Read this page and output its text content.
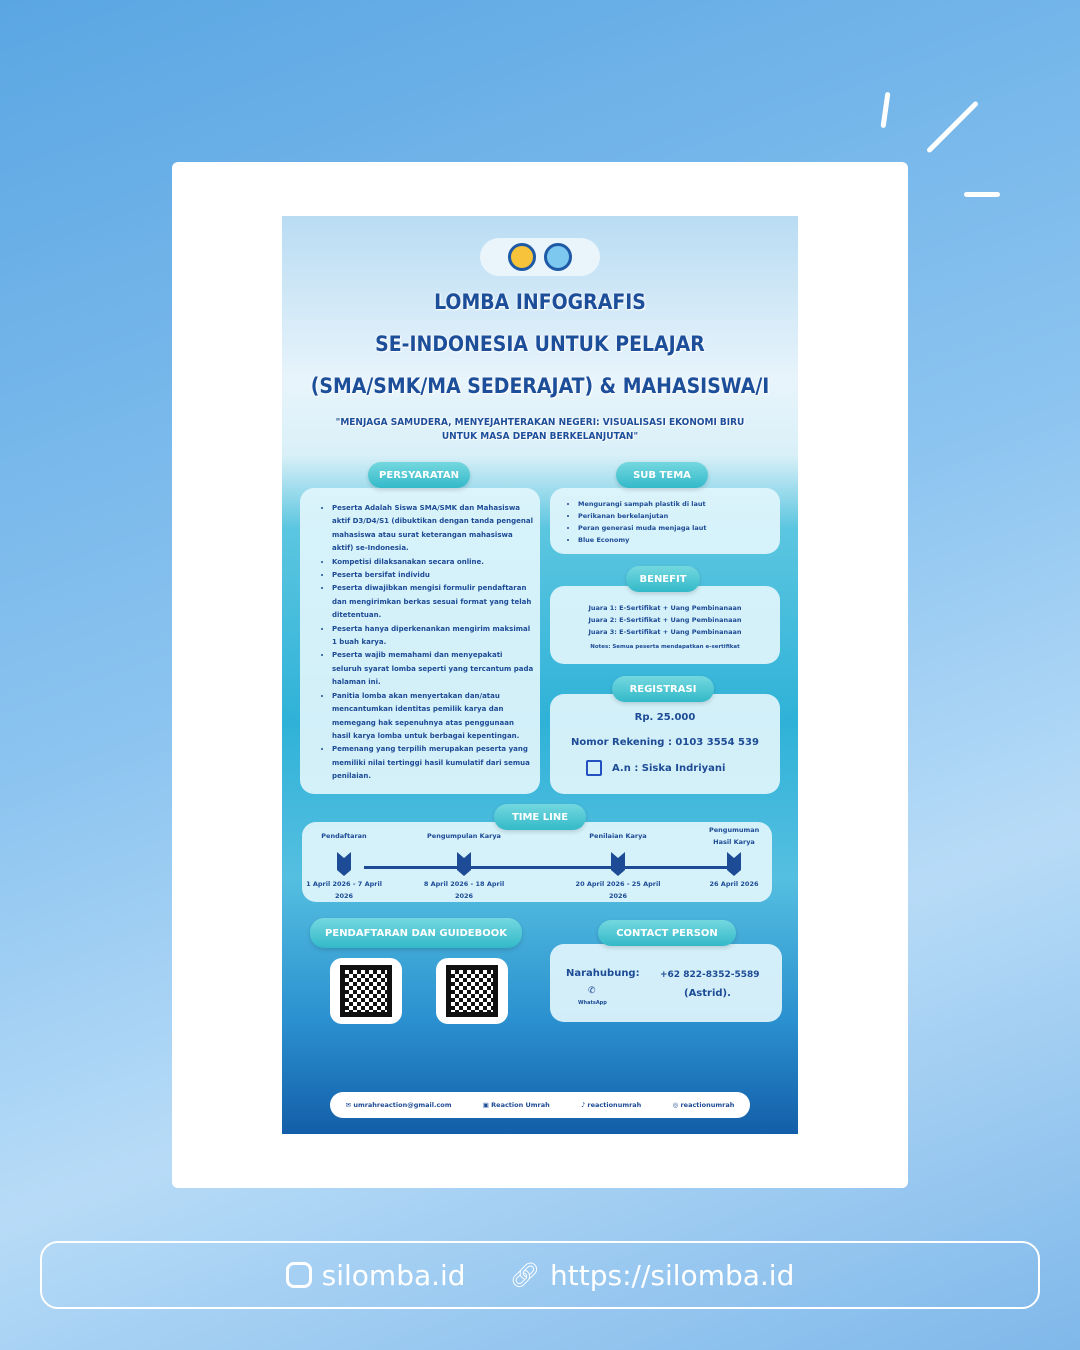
LOMBA INFOGRAFIS
SE-INDONESIA UNTUK PELAJAR
(SMA/SMK/MA SEDERAJAT) & MAHASISWA/I
"MENJAGA SAMUDERA, MENYEJAHTERAKAN NEGERI: VISUALISASI EKONOMI BIRU UNTUK MASA DEPAN BERKELANJUTAN"
• Peserta Adalah Siswa SMA/SMK dan Mahasiswa aktif D3/D4/S1 (dibuktikan dengan tanda pengenal mahasiswa atau surat keterangan mahasiswa aktif) se-Indonesia.
• Kompetisi dilaksanakan secara online.
• Peserta bersifat individu
• Peserta diwajibkan mengisi formulir pendaftaran dan mengirimkan berkas sesuai format yang telah ditetentuan.
• Peserta hanya diperkenankan mengirim maksimal 1 buah karya.
• Peserta wajib memahami dan menyepakati seluruh syarat lomba seperti yang tercantum pada halaman ini.
• Panitia lomba akan menyertakan dan/atau mencantumkan identitas pemilik karya dan memegang hak sepenuhnya atas penggunaan hasil karya lomba untuk berbagai kepentingan.
• Pemenang yang terpilih merupakan peserta yang memiliki nilai tertinggi hasil kumulatif dari semua penilaian.
PERSYARATAN
• Mengurangi sampah plastik di laut
• Perikanan berkelanjutan
• Peran generasi muda menjaga laut
• Blue Economy
SUB TEMA
Juara 1: E-Sertifikat + Uang Pembinanaan
Juara 2: E-Sertifikat + Uang Pembinanaan
Juara 3: E-Sertifikat + Uang Pembinanaan
Notes: Semua peserta mendapatkan e-sertifikat
BENEFIT
Rp. 25.000
Nomor Rekening : 0103 3554 539
A.n : Siska Indriyani
REGISTRASI
Pendaftaran
1 April 2026 - 7 April 2026
Pengumpulan Karya
8 April 2026 - 18 April 2026
Penilaian Karya
20 April 2026 - 25 April 2026
Pengumuman Hasil Karya
26 April 2026
TIME LINE
PENDAFTARAN DAN GUIDEBOOK
Narahubung:
✆
WhatsApp
+62 822-8352-5589
(Astrid).
CONTACT PERSON
✉ umrahreaction@gmail.com	▣ Reaction Umrah	♪ reactionumrah	◎ reactionumrah
silomba.id 🔗︎ https://silomba.id
